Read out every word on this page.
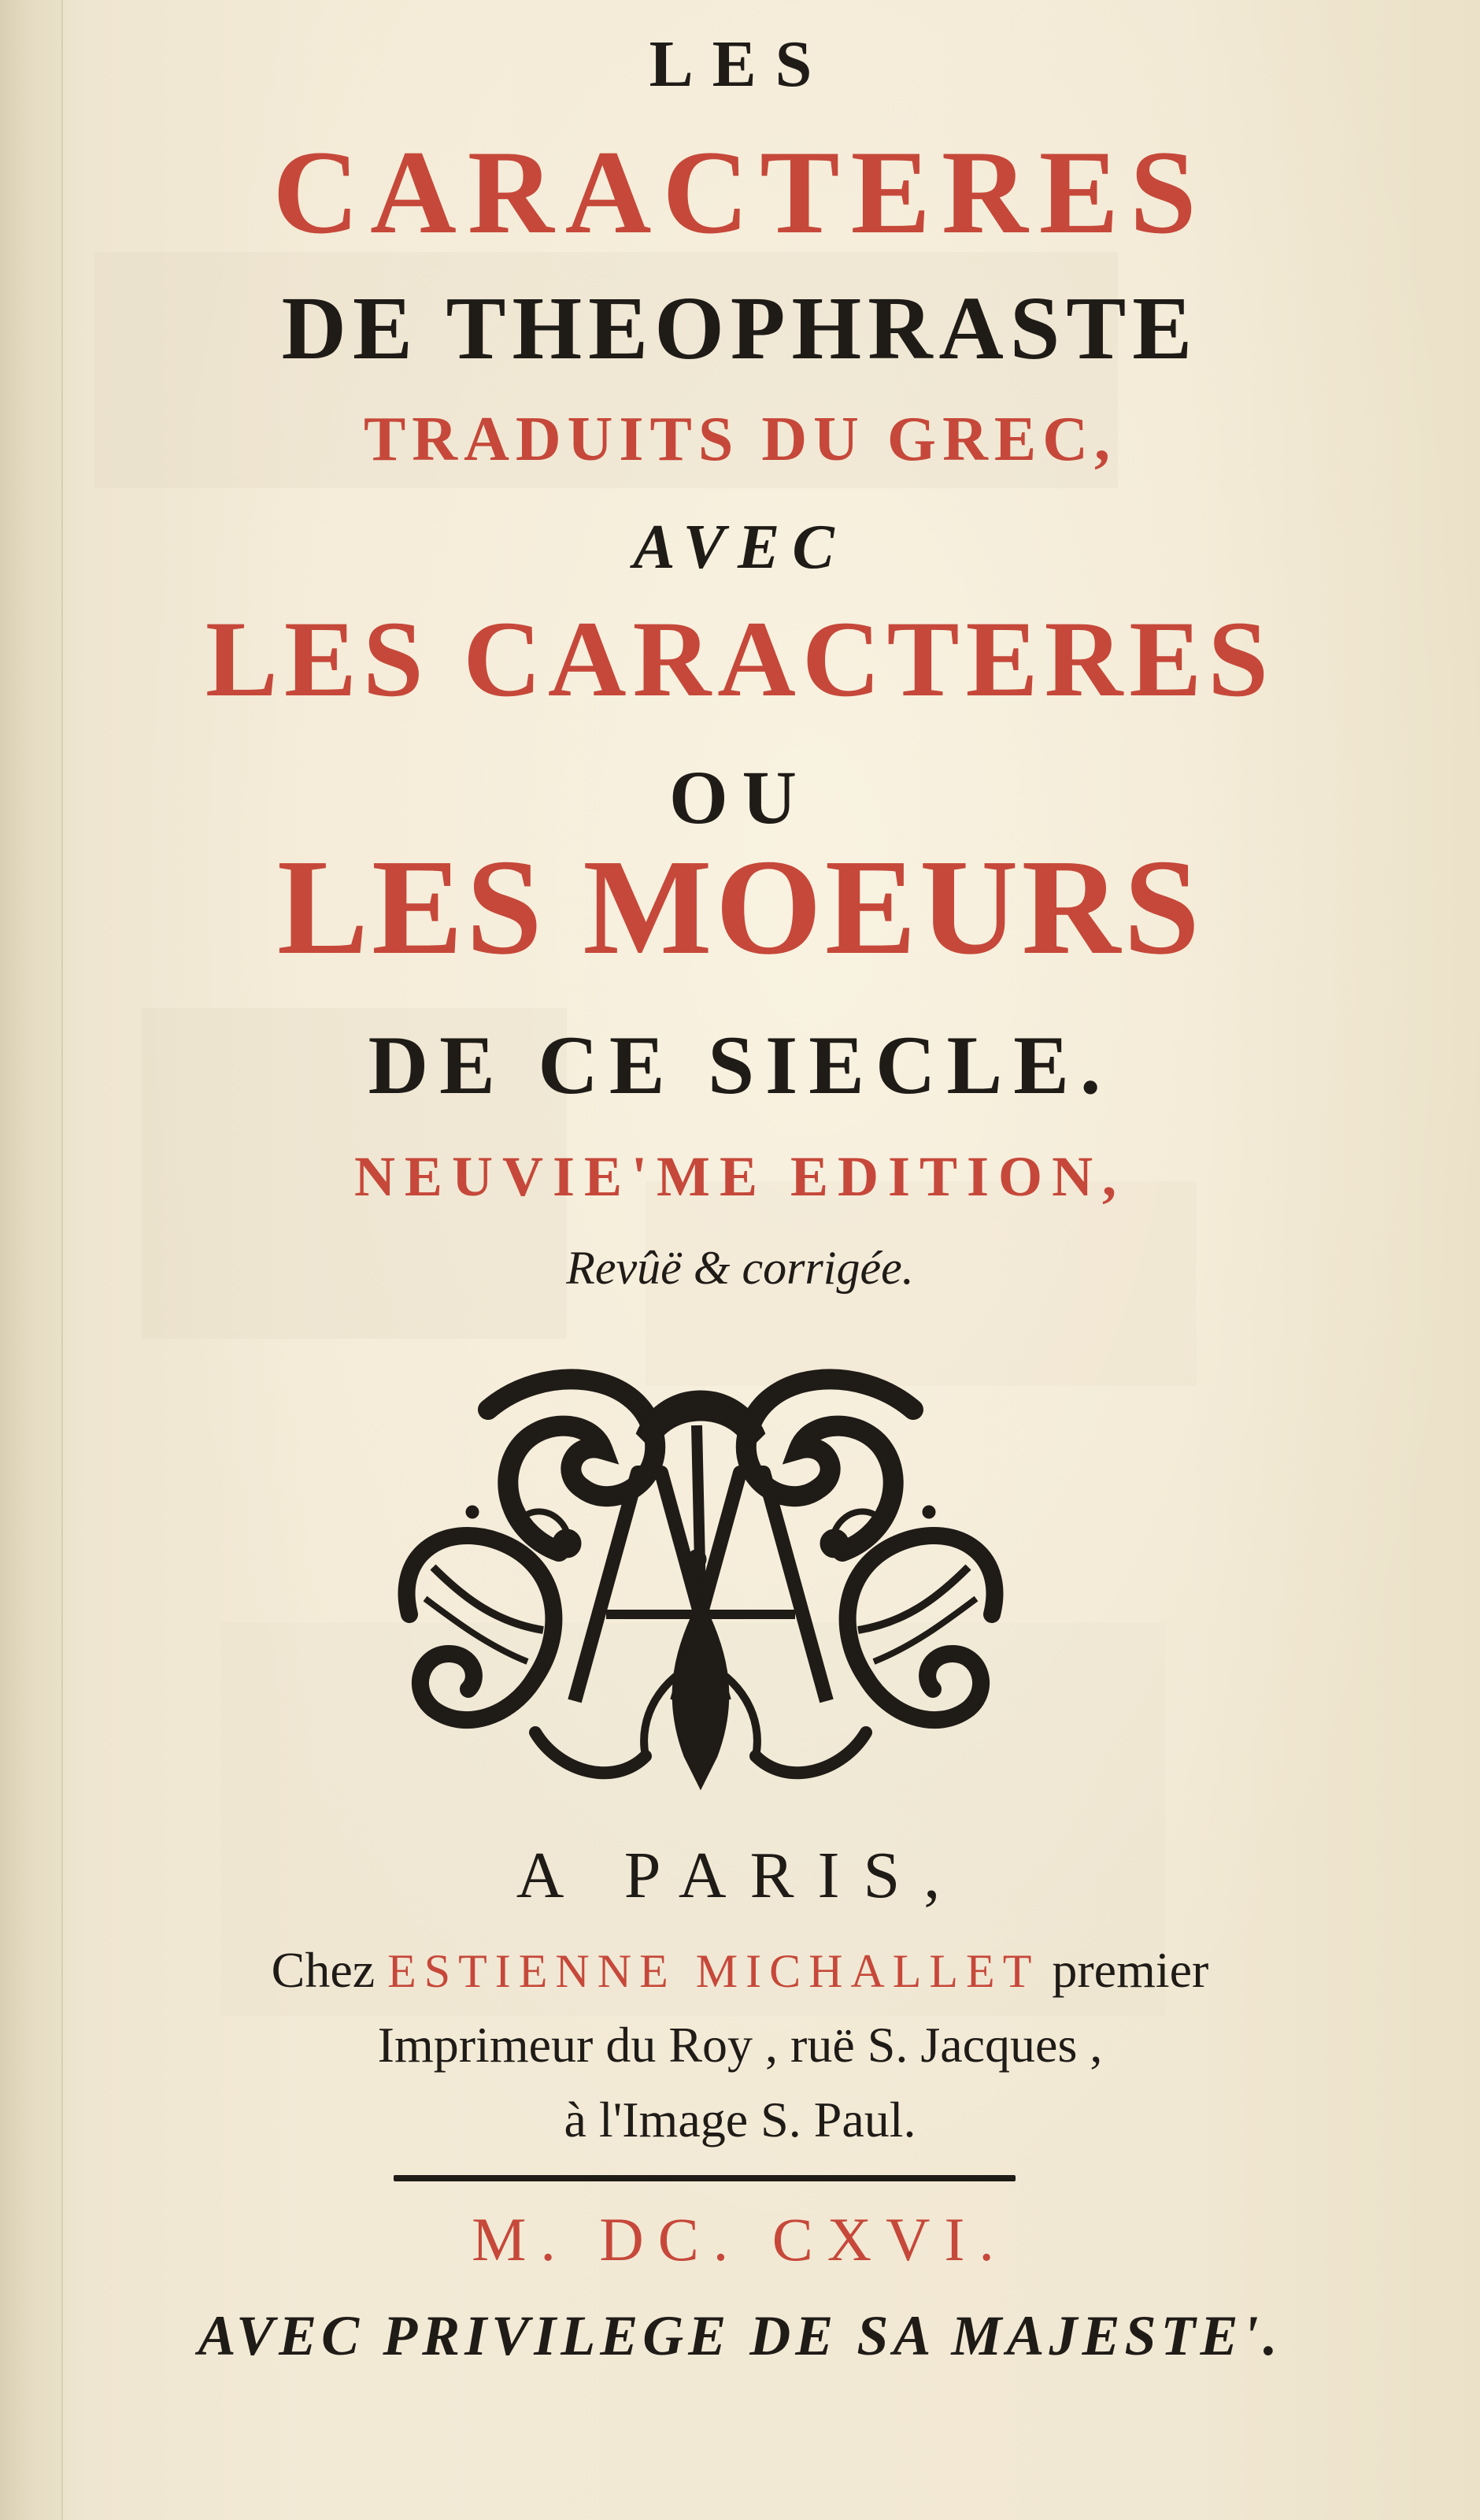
LES
CARACTERES
DE THEOPHRASTE
TRADUITS DU GREC,
AVEC
LES CARACTERES
OU
LES MOEURS
DE CE SIECLE.
NEUVIE'ME EDITION,
Revûë & corrigée.
A PARIS,
Chez ESTIENNE MICHALLET premier
Imprimeur du Roy , ruë S. Jacques ,
à l'Image S. Paul.
M. DC. CXVI.
AVEC PRIVILEGE DE SA MAJESTE'.
